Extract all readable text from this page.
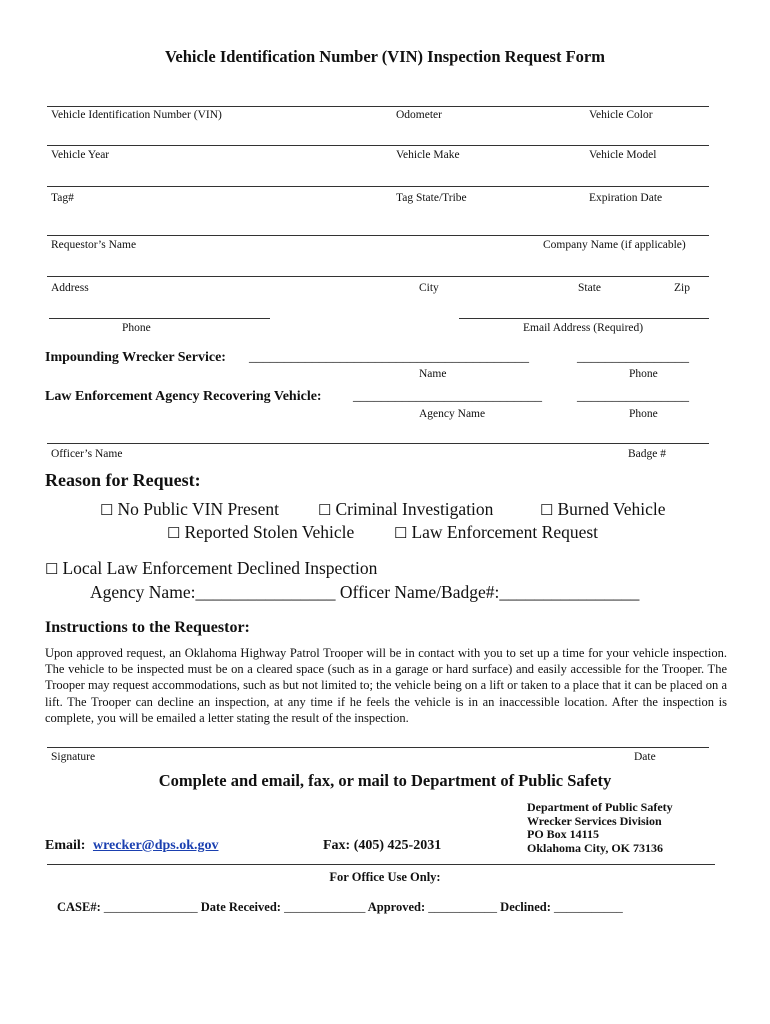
Vehicle Identification Number (VIN) Inspection Request Form
Vehicle Identification Number (VIN)	Odometer	Vehicle Color
Vehicle Year	Vehicle Make	Vehicle Model
Tag#	Tag State/Tribe	Expiration Date
Requestor’s Name	Company Name (if applicable)
Address	City	State	Zip
Phone	Email Address (Required)
Impounding Wrecker Service: ________________________________________	________________
Name	Phone
Law Enforcement Agency Recovering Vehicle: ___________________________	________________
Agency Name	Phone
Officer’s Name	Badge #
Reason for Request:
☐ No Public VIN Present	☐ Criminal Investigation	☐ Burned Vehicle
☐ Reported Stolen Vehicle	☐ Law Enforcement Request
☐ Local Law Enforcement Declined Inspection
Agency Name:________________ Officer Name/Badge#:________________
Instructions to the Requestor:
Upon approved request, an Oklahoma Highway Patrol Trooper will be in contact with you to set up a time for your vehicle inspection. The vehicle to be inspected must be on a cleared space (such as in a garage or hard surface) and easily accessible for the Trooper. The Trooper may request accommodations, such as but not limited to; the vehicle being on a lift or taken to a place that it can be placed on a lift. The Trooper can decline an inspection, at any time if he feels the vehicle is in an inaccessible location. After the inspection is complete, you will be emailed a letter stating the result of the inspection.
Signature	Date
Complete and email, fax, or mail to Department of Public Safety
Email: wrecker@dps.ok.gov	Fax: (405) 425-2031
Department of Public Safety
Wrecker Services Division
PO Box 14115
Oklahoma City, OK 73136
For Office Use Only:
CASE#: _______________ Date Received: _____________ Approved: ___________ Declined: ___________
